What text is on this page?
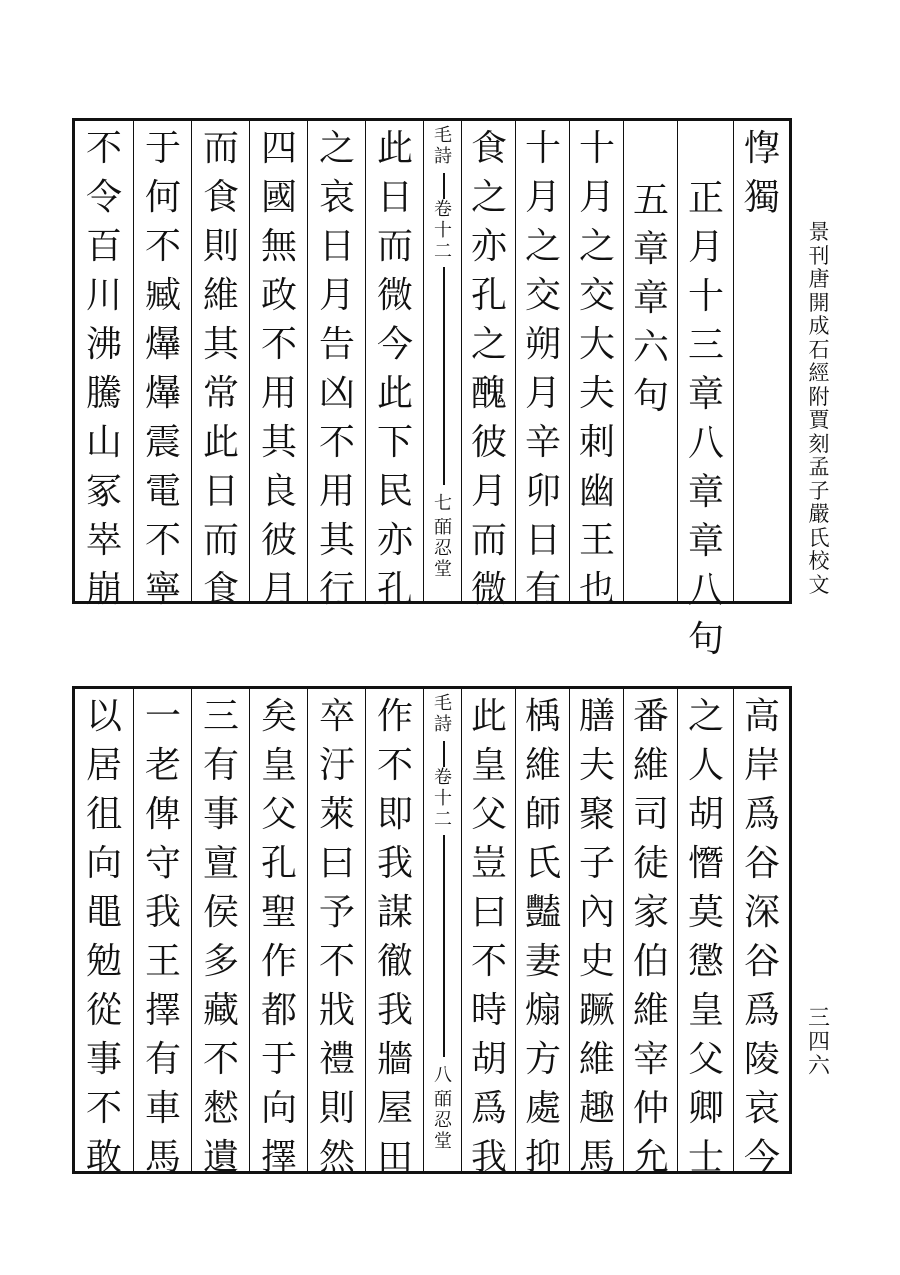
景
刊
唐
開
成
石
經
附
賈
刻
孟
子
嚴
氏
校
文
不
令
百
川
沸
騰
山
冢
崒
崩
于
何
不
臧
爗
爗
震
電
不
寧
而
食
則
維
其
常
此
日
而
食
四
國
無
政
不
用
其
良
彼
月
之
哀
日
月
告
凶
不
用
其
行
此
日
而
微
今
此
下
民
亦
孔
毛
詩
卷
十
二
七
皕
忍
堂
食
之
亦
孔
之
醜
彼
月
而
微
十
月
之
交
朔
月
辛
卯
日
有
十
月
之
交
大
夫
刺
幽
王
也
五
章
章
六
句
正
月
十
三
章
八
章
章
八
句
惸
獨
以
居
徂
向
黽
勉
從
事
不
敢
一
老
俾
守
我
王
擇
有
車
馬
三
有
事
亶
侯
多
藏
不
憖
遺
矣
皇
父
孔
聖
作
都
于
向
擇
卒
汙
萊
曰
予
不
戕
禮
則
然
作
不
即
我
謀
徹
我
牆
屋
田
毛
詩
卷
十
二
八
皕
忍
堂
此
皇
父
豈
曰
不
時
胡
爲
我
楀
維
師
氏
豔
妻
煽
方
處
抑
膳
夫
聚
子
內
史
蹶
維
趣
馬
番
維
司
徒
家
伯
維
宰
仲
允
之
人
胡
憯
莫
懲
皇
父
卿
士
高
岸
爲
谷
深
谷
爲
陵
哀
今
三
四
六
